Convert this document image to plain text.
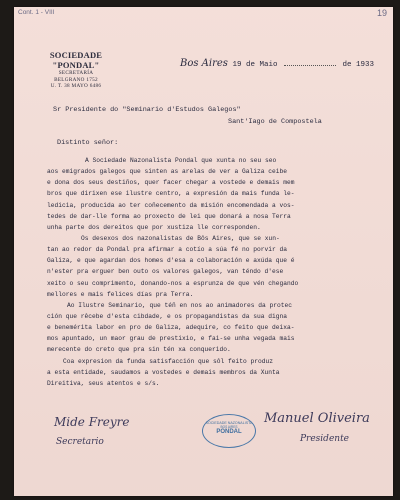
Cont. 1 - VIII	19
SOCIEDADE "PONDAL"
SECRETARÍA
BELGRANO 1752
U. T. 38 MAYO 6486
Bos Aires 19 de Maio	de 1933
Sr Presidente do "Seminario d'Estudos Galegos"
Sant'Iago de Compostela
Distinto señor:
A Sociedade Nazonalista Pondal que xunta no seu seo
aos emigrados galegos que sinten as arelas de ver a Galiza ceibe
e dona dos seus destiños, quer facer chegar a vostede e demais mem
bros que dirixen ese ilustre centro, a expresión da mais funda le-
ledicia, producida ao ter coñecemento da misión encomendada a vos-
tedes de dar-lle forma ao proxecto de lei que donará a nosa Terra
unha parte dos dereitos que por xustiza lle corresponden.
Os desexos dos nazonalistas de Bôs Aires, que se xun-
tan ao redor da Pondal pra afirmar a cotío a súa fé no porvir da
Galiza, e que agardan dos homes d'esa a colaboración e axúda que é
n'ester pra erguer ben outo os valores galegos, van téndo d'ese
xeito o seu comprimento, donando-nos a esprunza de que vén chegando
mellores e mais felices días pra Terra.
Ao Ilustre Seminario, que téñ en nos ao animadores da protec
ción que rêcebe d'esta cibdade, e os propagandistas da sua digna
e benemérita labor en pro de Galiza, adequire, co feito que deixa-
mos apuntado, un maor grau de prestixio, e fai-se unha vegada mais
merecente do creto que pra sin tén xa conquerido.
Coa expresion da funda satisfacción que sôl feito produz
a esta entidade, saudamos a vostedes e demais membros da Xunta
Direitiva, seus atentos e s/s.
Mide Freyre
Secretario
SOCIEDADE NAZONALISTA
BOS AIRES
PONDAL
Manuel Oliveira
Presidente
